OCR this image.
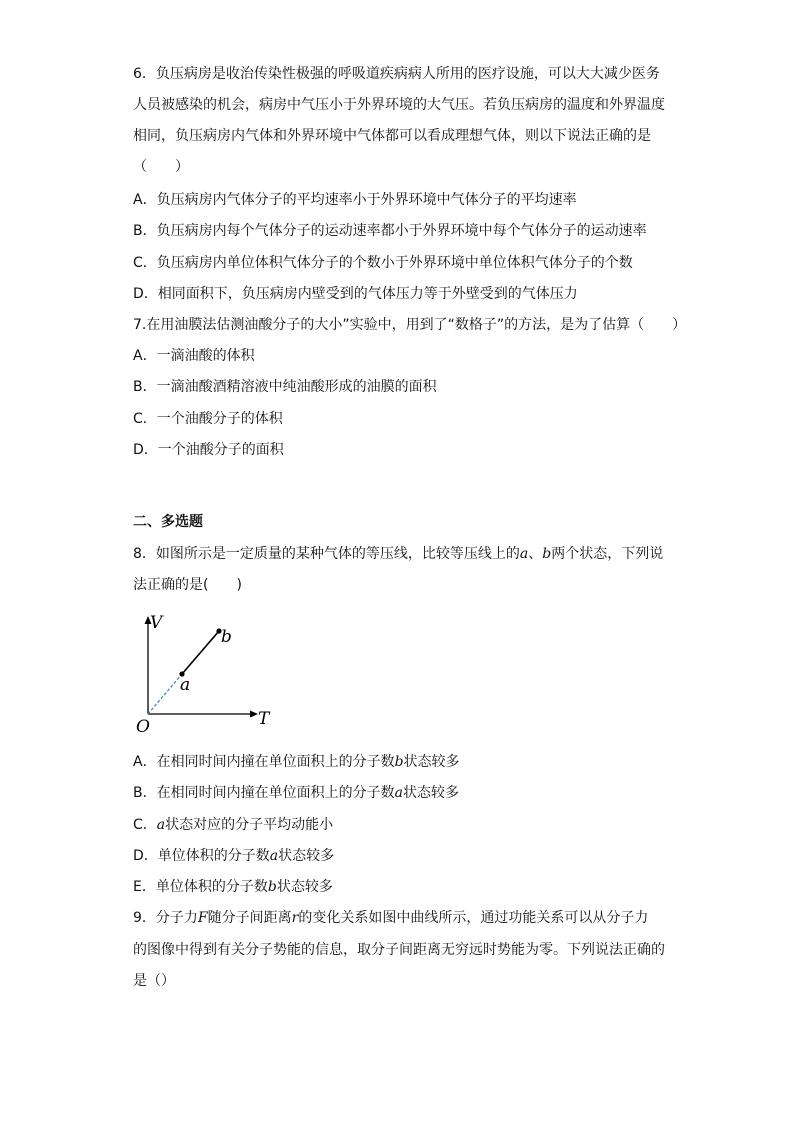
6．负压病房是收治传染性极强的呼吸道疾病病人所用的医疗设施，可以大大减少医务
人员被感染的机会，病房中气压小于外界环境的大气压。若负压病房的温度和外界温度
相同，负压病房内气体和外界环境中气体都可以看成理想气体，则以下说法正确的是
（　　）
A．负压病房内气体分子的平均速率小于外界环境中气体分子的平均速率
B．负压病房内每个气体分子的运动速率都小于外界环境中每个气体分子的运动速率
C．负压病房内单位体积气体分子的个数小于外界环境中单位体积气体分子的个数
D．相同面积下，负压病房内壁受到的气体压力等于外壁受到的气体压力
7.在用油膜法估测油酸分子的大小”实验中，用到了“数格子”的方法，是为了估算（　　）
A．一滴油酸的体积
B．一滴油酸酒精溶液中纯油酸形成的油膜的面积
C．一个油酸分子的体积
D．一个油酸分子的面积
二、多选题
8．如图所示是一定质量的某种气体的等压线，比较等压线上的a、b两个状态，下列说
法正确的是(　　)
V
T
O
a
b
A．在相同时间内撞在单位面积上的分子数b状态较多
B．在相同时间内撞在单位面积上的分子数a状态较多
C．a状态对应的分子平均动能小
D．单位体积的分子数a状态较多
E．单位体积的分子数b状态较多
9．分子力F随分子间距离r的变化关系如图中曲线所示，通过功能关系可以从分子力
的图像中得到有关分子势能的信息，取分子间距离无穷远时势能为零。下列说法正确的
是（）
